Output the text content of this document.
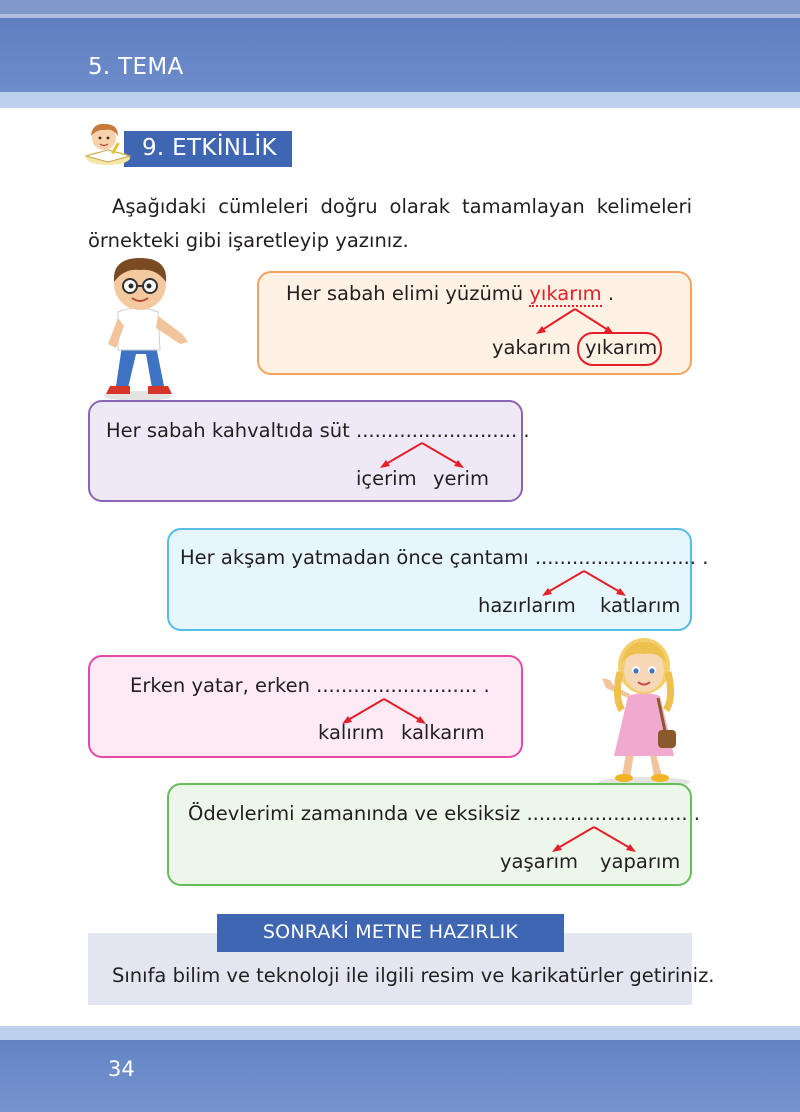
5. TEMA
9. ETKİNLİK
Aşağıdaki cümleleri doğru olarak tamamlayan kelimeleri örnekteki gibi işaretleyip yazınız.
Her sabah elimi yüzümü yıkarım .
yakarım yıkarım
Her sabah kahvaltıda süt .......................... .
içerim yerim
Her akşam yatmadan önce çantamı .......................... .
hazırlarım katlarım
Erken yatar, erken .......................... .
kalırım kalkarım
Ödevlerimi zamanında ve eksiksiz .......................... .
yaşarım yaparım
SONRAKİ METNE HAZIRLIK
Sınıfa bilim ve teknoloji ile ilgili resim ve karikatürler getiriniz.
34
